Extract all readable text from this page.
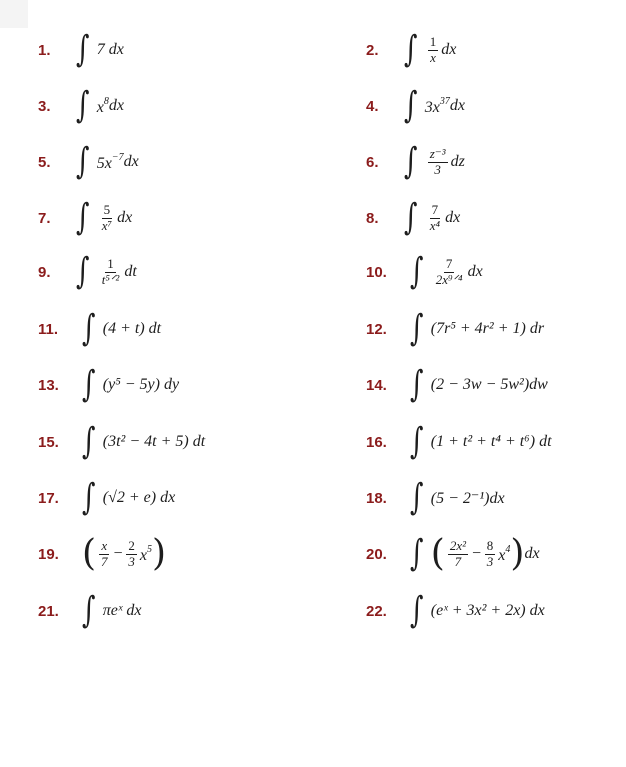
1. ∫ 7 dx	2. ∫ $\frac{1}{x}$ dx
3. ∫ $x^8$ dx	4. ∫ $3x^{37}$ dx
5. ∫ $5x^{-7}$ dx	6. ∫ $\frac{\text{z⁻³}}{3}$ dz
7. ∫ $\frac{5}{\text{x⁷}}$ dx	8. ∫ $\frac{7}{\text{x⁴}}$ dx
9. ∫ $\frac{1}{\text{t⁵ᐟ²}}$ dt	10. ∫ $\frac{7}{\text{2x⁹ᐟ⁴}}$ dx
11. ∫ (4 + t) dt	12. ∫ (7r⁵ + 4r² + 1) dr
13. ∫ (y⁵ − 5y) dy	14. ∫ (2 − 3w − 5w²)dw
15. ∫ (3t² − 4t + 5) dt	16. ∫ (1 + t² + t⁴ + t⁶) dt
17. ∫ (√2 + e) dx	18. ∫ (5 − 2⁻¹)dx
19. ( $\frac{x}{7} - \frac{2}{3} x^5$ )	20. ∫ ( $\frac{\text{2x²}}{7} - \frac{8}{3} x^4$ ) dx
21. ∫ πeˣ dx	22. ∫ (eˣ + 3x² + 2x) dx
